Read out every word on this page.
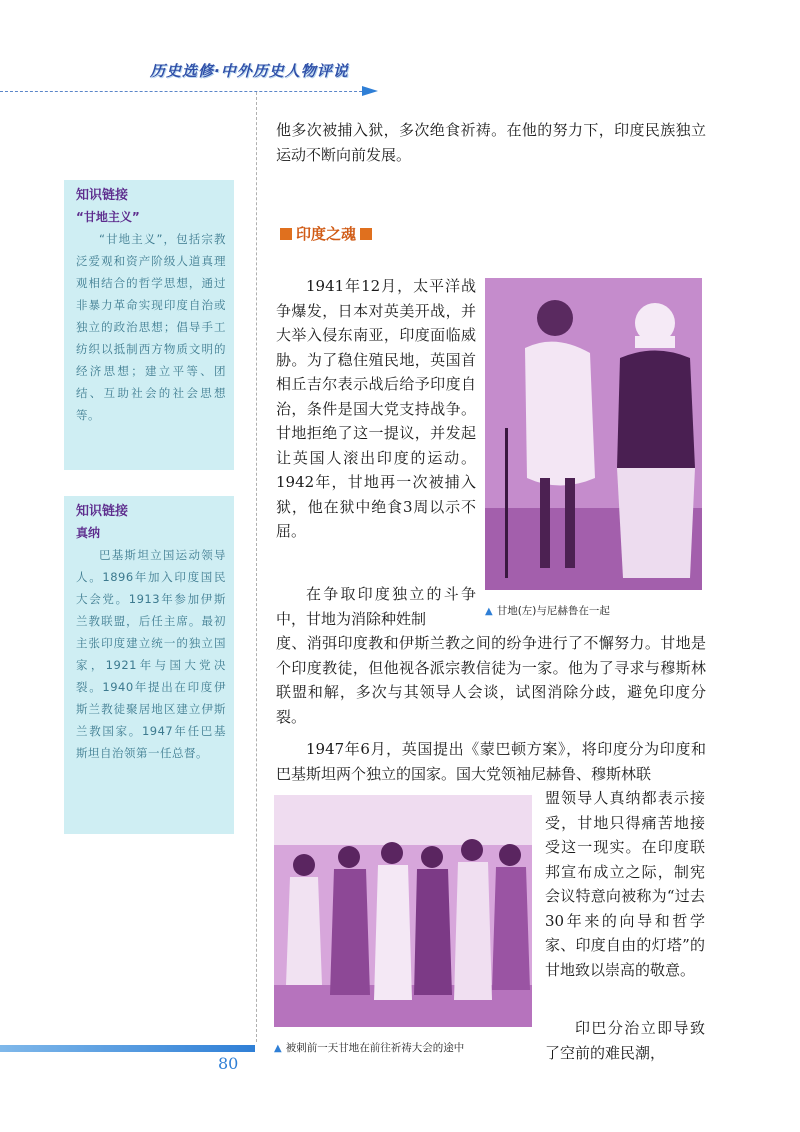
历史选修·中外历史人物评说
知识链接
“甘地主义”

“甘地主义”，包括宗教泛爱观和资产阶级人道真理观相结合的哲学思想，通过非暴力革命实现印度自治或独立的政治思想；倡导手工纺织以抵制西方物质文明的经济思想；建立平等、团结、互助社会的社会思想等。

知识链接
真纳

巴基斯坦立国运动领导人。1896年加入印度国民大会党。1913年参加伊斯兰教联盟，后任主席。最初主张印度建立统一的独立国家，1921年与国大党决裂。1940年提出在印度伊斯兰教徒聚居地区建立伊斯兰教国家。1947年任巴基斯坦自治领第一任总督。

他多次被捕入狱，多次绝食祈祷。在他的努力下，印度民族独立运动不断向前发展。

印度之魂

1941年12月，太平洋战争爆发，日本对英美开战，并大举入侵东南亚，印度面临威胁。为了稳住殖民地，英国首相丘吉尔表示战后给予印度自治，条件是国大党支持战争。甘地拒绝了这一提议，并发起让英国人滚出印度的运动。1942年，甘地再一次被捕入狱，他在狱中绝食3周以示不屈。

在争取印度独立的斗争中，甘地为消除种姓制

度、消弭印度教和伊斯兰教之间的纷争进行了不懈努力。甘地是个印度教徒，但他视各派宗教信徒为一家。他为了寻求与穆斯林联盟和解，多次与其领导人会谈，试图消除分歧，避免印度分裂。

1947年6月，英国提出《蒙巴顿方案》，将印度分为印度和巴基斯坦两个独立的国家。国大党领袖尼赫鲁、穆斯林联

盟领导人真纳都表示接受，甘地只得痛苦地接受这一现实。在印度联邦宣布成立之际，制宪会议特意向被称为“过去30年来的向导和哲学家、印度自由的灯塔”的甘地致以崇高的敬意。

印巴分治立即导致了空前的难民潮，

▲ 甘地(左)与尼赫鲁在一起
▲ 被刺前一天甘地在前往祈祷大会的途中
80
